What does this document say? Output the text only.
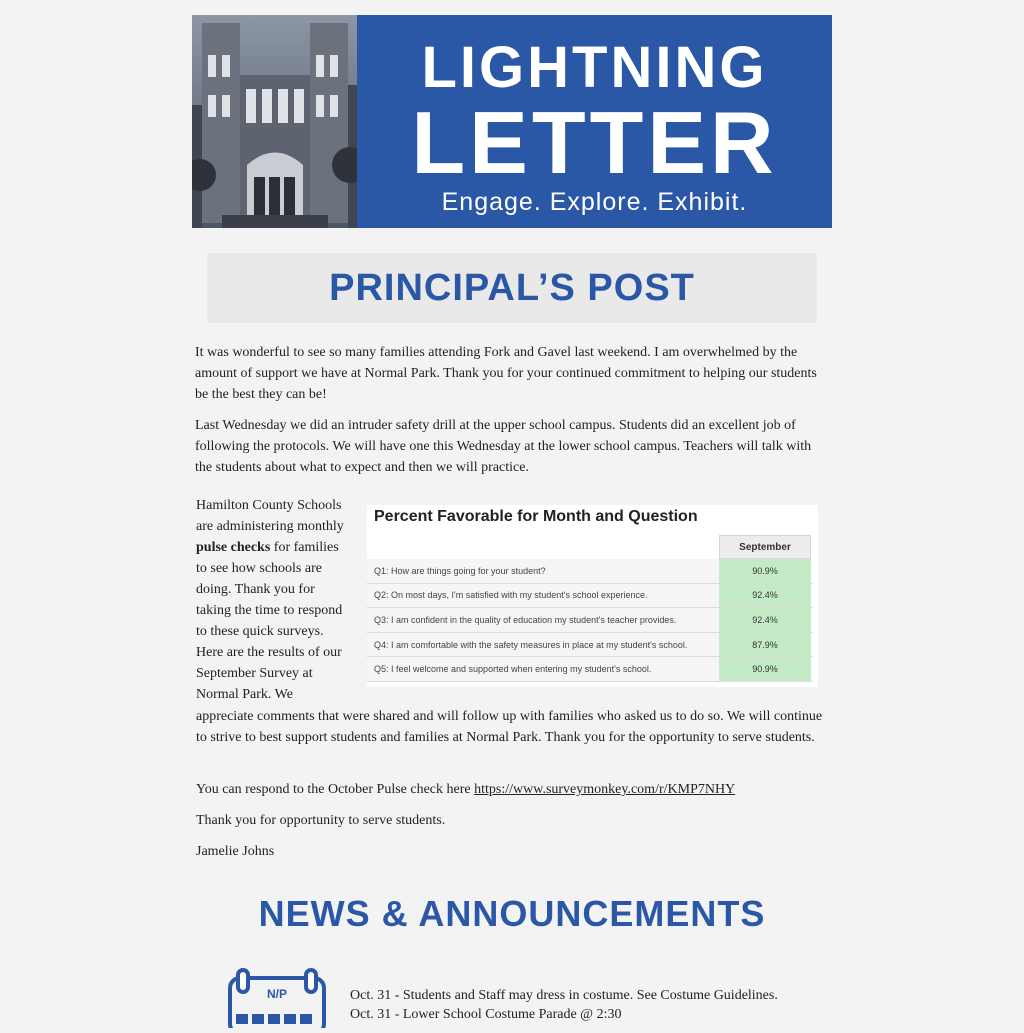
LIGHTNING
LETTER
Engage. Explore. Exhibit.
PRINCIPAL’S POST

It was wonderful to see so many families attending Fork and Gavel last weekend. I am overwhelmed by the amount of support we have at Normal Park. Thank you for your continued commitment to helping our students be the best they can be!

Last Wednesday we did an intruder safety drill at the upper school campus. Students did an excellent job of following the protocols. We will have one this Wednesday at the lower school campus. Teachers will talk with the students about what to expect and then we will practice.

Hamilton County Schools are administering monthly pulse checks for families to see how schools are doing. Thank you for taking the time to respond to these quick surveys. Here are the results of our September Survey at Normal Park. We

Percent Favorable for Month and Question
September
Q1: How are things going for your student?	90.9%
Q2: On most days, I'm satisfied with my student's school experience.	92.4%
Q3: I am confident in the quality of education my student's teacher provides.	92.4%
Q4: I am comfortable with the safety measures in place at my student's school.	87.9%
Q5: I feel welcome and supported when entering my student's school.	90.9%

appreciate comments that were shared and will follow up with families who asked us to do so. We will continue to strive to best support students and families at Normal Park. Thank you for the opportunity to serve students.

You can respond to the October Pulse check here https://www.surveymonkey.com/r/KMP7NHY

Thank you for opportunity to serve students.

Jamelie Johns

NEWS & ANNOUNCEMENTS
N/P	Oct. 31 - Students and Staff may dress in costume. See Costume Guidelines.
Oct. 31 - Lower School Costume Parade @ 2:30
